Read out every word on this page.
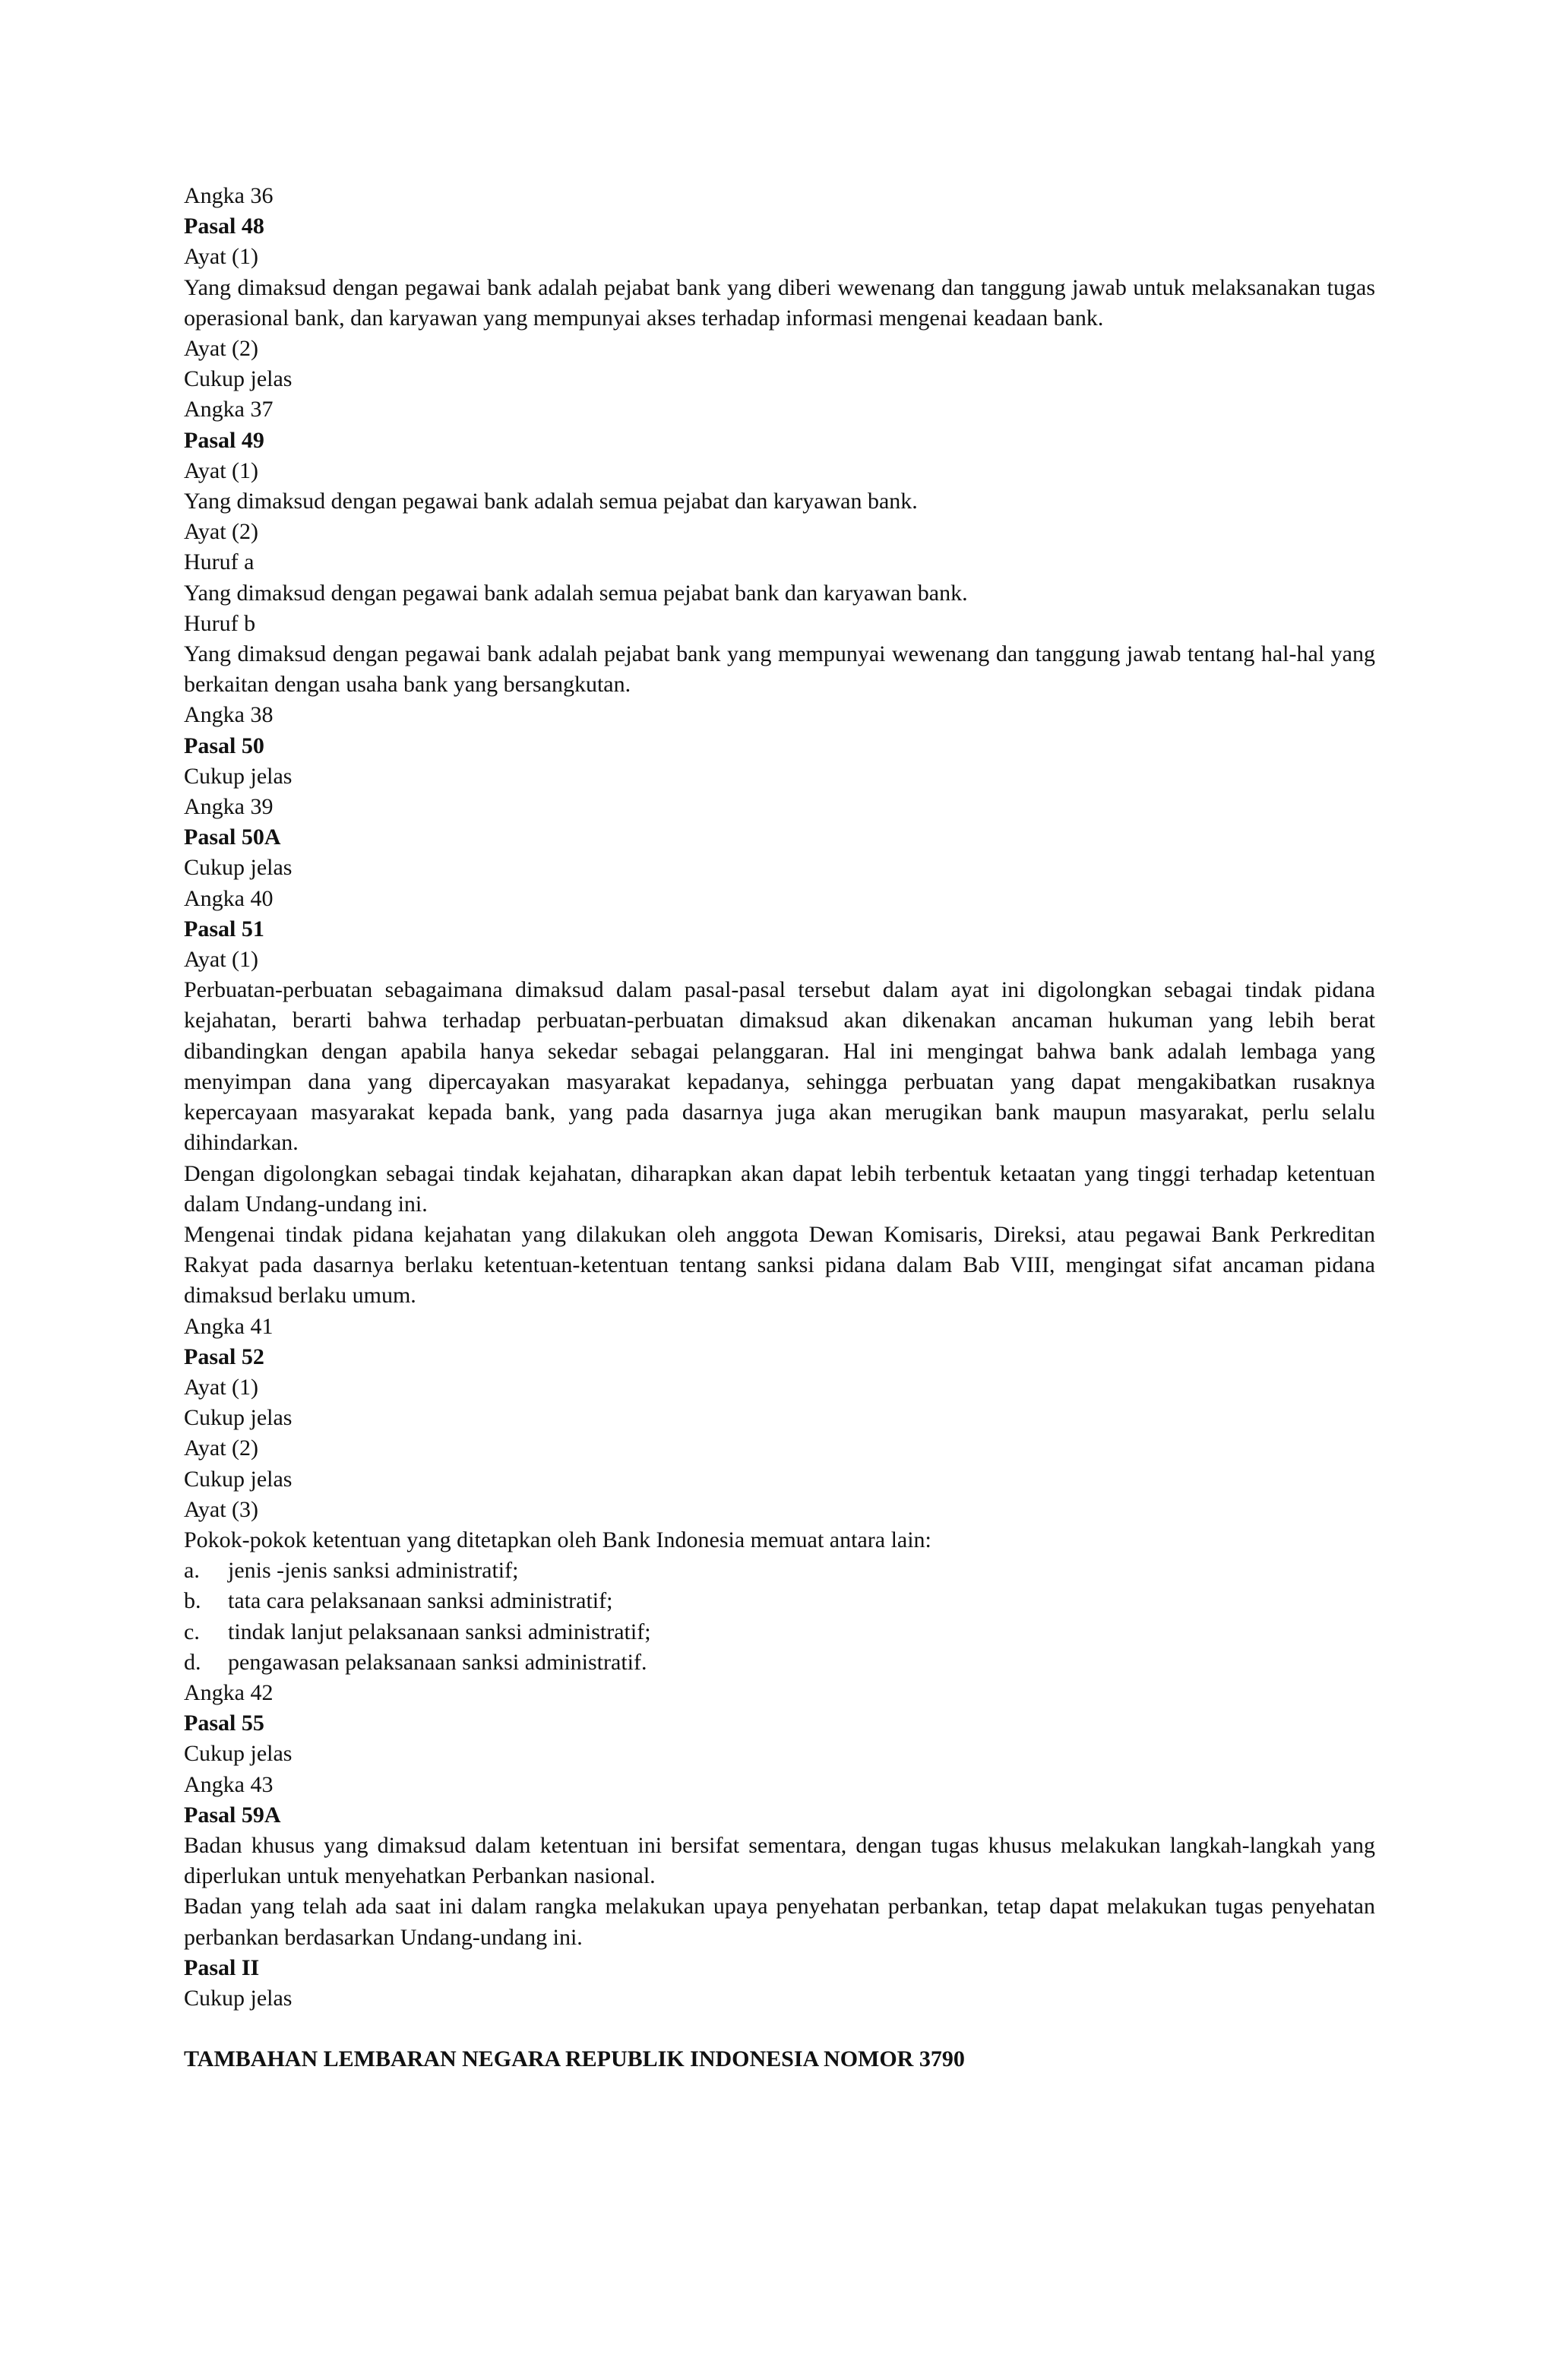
Angka 36
Pasal 48
Ayat (1)
Yang dimaksud dengan pegawai bank adalah pejabat bank yang diberi wewenang dan tanggung jawab untuk melaksanakan tugas operasional bank, dan karyawan yang mempunyai akses terhadap informasi mengenai keadaan bank.
Ayat (2)
Cukup jelas
Angka 37
Pasal 49
Ayat (1)
Yang dimaksud dengan pegawai bank adalah semua pejabat dan karyawan bank.
Ayat (2)
Huruf a
Yang dimaksud dengan pegawai bank adalah semua pejabat bank dan karyawan bank.
Huruf b
Yang dimaksud dengan pegawai bank adalah pejabat bank yang mempunyai wewenang dan tanggung jawab tentang hal-hal yang berkaitan dengan usaha bank yang bersangkutan.
Angka 38
Pasal 50
Cukup jelas
Angka 39
Pasal 50A
Cukup jelas
Angka 40
Pasal 51
Ayat (1)
Perbuatan-perbuatan sebagaimana dimaksud dalam pasal-pasal tersebut dalam ayat ini digolongkan sebagai tindak pidana kejahatan, berarti bahwa terhadap perbuatan-perbuatan dimaksud akan dikenakan ancaman hukuman yang lebih berat dibandingkan dengan apabila hanya sekedar sebagai pelanggaran. Hal ini mengingat bahwa bank adalah lembaga yang menyimpan dana yang dipercayakan masyarakat kepadanya, sehingga perbuatan yang dapat mengakibatkan rusaknya kepercayaan masyarakat kepada bank, yang pada dasarnya juga akan merugikan bank maupun masyarakat, perlu selalu dihindarkan.
Dengan digolongkan sebagai tindak kejahatan, diharapkan akan dapat lebih terbentuk ketaatan yang tinggi terhadap ketentuan dalam Undang-undang ini.
Mengenai tindak pidana kejahatan yang dilakukan oleh anggota Dewan Komisaris, Direksi, atau pegawai Bank Perkreditan Rakyat pada dasarnya berlaku ketentuan-ketentuan tentang sanksi pidana dalam Bab VIII, mengingat sifat ancaman pidana dimaksud berlaku umum.
Angka 41
Pasal 52
Ayat (1)
Cukup jelas
Ayat (2)
Cukup jelas
Ayat (3)
Pokok-pokok ketentuan yang ditetapkan oleh Bank Indonesia memuat antara lain:
a. jenis -jenis sanksi administratif;
b. tata cara pelaksanaan sanksi administratif;
c. tindak lanjut pelaksanaan sanksi administratif;
d. pengawasan pelaksanaan sanksi administratif.
Angka 42
Pasal 55
Cukup jelas
Angka 43
Pasal 59A
Badan khusus yang dimaksud dalam ketentuan ini bersifat sementara, dengan tugas khusus melakukan langkah-langkah yang diperlukan untuk menyehatkan Perbankan nasional.
Badan yang telah ada saat ini dalam rangka melakukan upaya penyehatan perbankan, tetap dapat melakukan tugas penyehatan perbankan berdasarkan Undang-undang ini.
Pasal II
Cukup jelas
TAMBAHAN LEMBARAN NEGARA REPUBLIK INDONESIA NOMOR 3790
